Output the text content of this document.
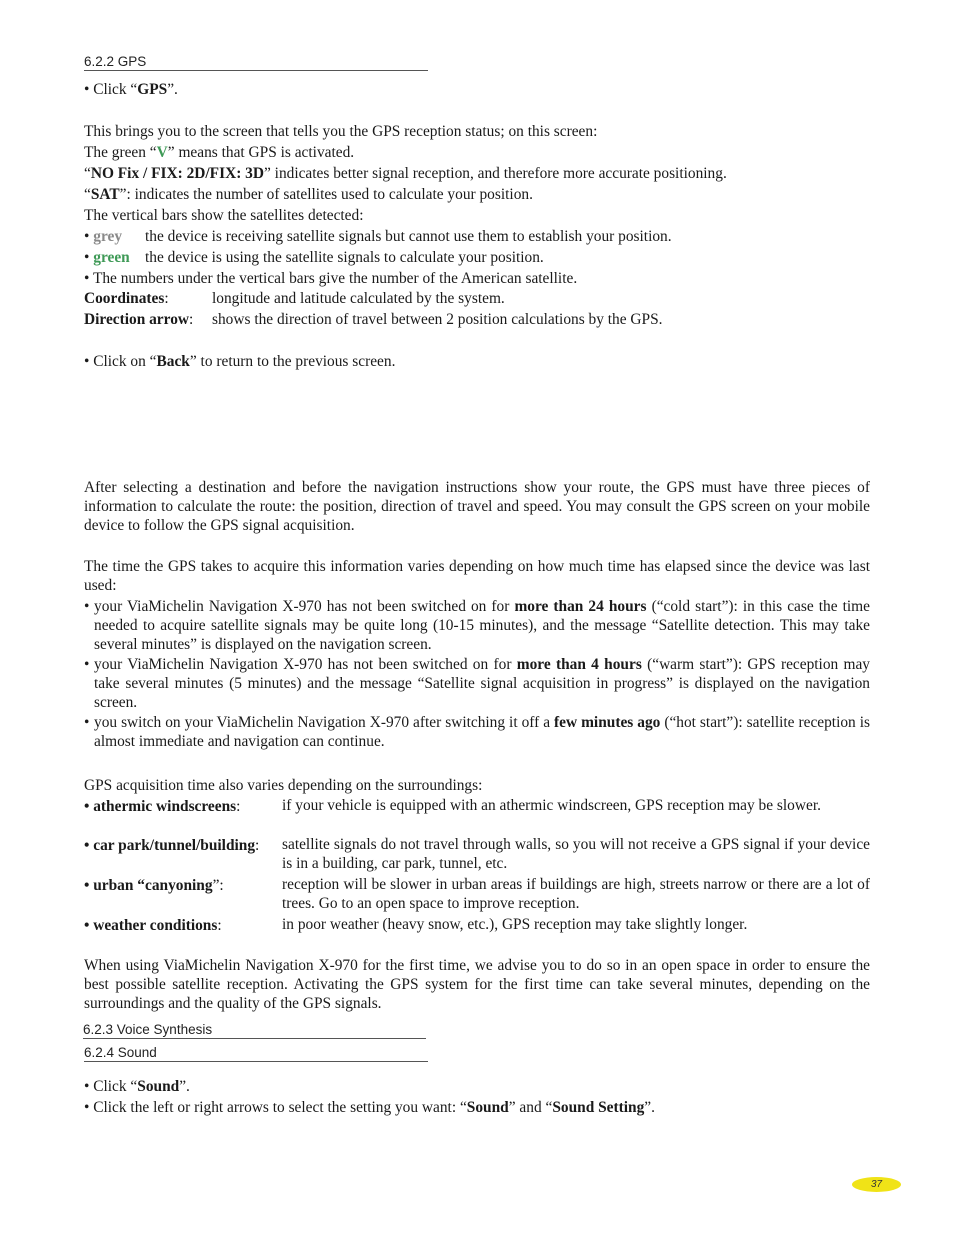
6.2.2 GPS
• Click “GPS”.
This brings you to the screen that tells you the GPS reception status; on this screen:
The green “V” means that GPS is activated.
“NO Fix / FIX: 2D/FIX: 3D” indicates better signal reception, and therefore more accurate positioning.
“SAT”: indicates the number of satellites used to calculate your position.
The vertical bars show the satellites detected:
• grey the device is receiving satellite signals but cannot use them to establish your position.
• green the device is using the satellite signals to calculate your position.
• The numbers under the vertical bars give the number of the American satellite.
Coordinates:	longitude and latitude calculated by the system.
Direction arrow: shows the direction of travel between 2 position calculations by the GPS.
• Click on “Back” to return to the previous screen.
After selecting a destination and before the navigation instructions show your route, the GPS must have three pieces of information to calculate the route: the position, direction of travel and speed. You may consult the GPS screen on your mobile device to follow the GPS signal acquisition.
The time the GPS takes to acquire this information varies depending on how much time has elapsed since the device was last used:
• your ViaMichelin Navigation X-970 has not been switched on for more than 24 hours (“cold start”): in this case the time needed to acquire satellite signals may be quite long (10-15 minutes), and the message “Satellite detection. This may take several minutes” is displayed on the navigation screen.
• your ViaMichelin Navigation X-970 has not been switched on for more than 4 hours (“warm start”): GPS reception may take several minutes (5 minutes) and the message “Satellite signal acquisition in progress” is displayed on the navigation screen.
• you switch on your ViaMichelin Navigation X-970 after switching it off a few minutes ago (“hot start”): satellite reception is almost immediate and navigation can continue.
GPS acquisition time also varies depending on the surroundings:
• athermic windscreens:	if your vehicle is equipped with an athermic windscreen, GPS reception may be slower.
• car park/tunnel/building: satellite signals do not travel through walls, so you will not receive a GPS signal if your device is in a building, car park, tunnel, etc.
• urban “canyoning”:	reception will be slower in urban areas if buildings are high, streets narrow or there are a lot of trees. Go to an open space to improve reception.
• weather conditions:	in poor weather (heavy snow, etc.), GPS reception may take slightly longer.
When using ViaMichelin Navigation X-970 for the first time, we advise you to do so in an open space in order to ensure the best possible satellite reception. Activating the GPS system for the first time can take several minutes, depending on the surroundings and the quality of the GPS signals.
6.2.3 Voice Synthesis
6.2.4 Sound
• Click “Sound”.
• Click the left or right arrows to select the setting you want: “Sound” and “Sound Setting”.
37
